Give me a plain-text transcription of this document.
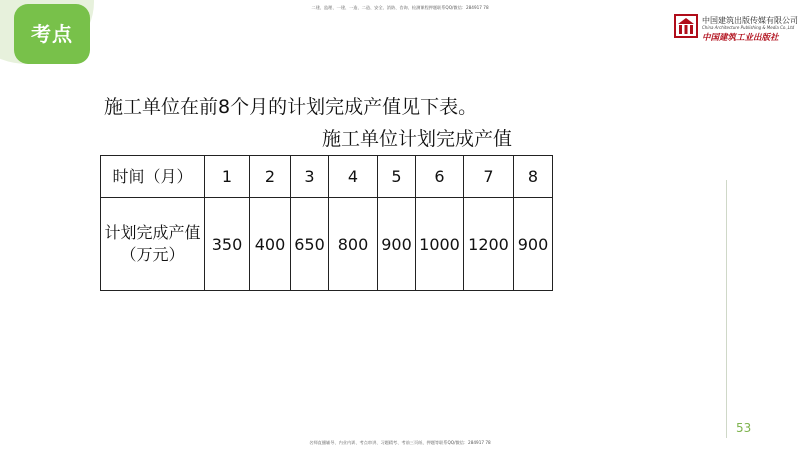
考点
二建、监理、一建、一造、二造、安全、消防、咨询、检测课程押题联系QQ/微信：284917 78
中国建筑出版传媒有限公司
China Architecture Publishing & Media Co.,Ltd
中国建筑工业出版社
施工单位在前8个月的计划完成产值见下表。
施工单位计划完成产值
时间（月）	1	2	3	4	5	6	7	8

计划完成产值
（万元）	350	400	650	800	900	1000	1200	900
53
名师直播辅导、内业内训、考点串讲、习题精考、考前三页纸、押题等联系QQ/微信：284917 78
